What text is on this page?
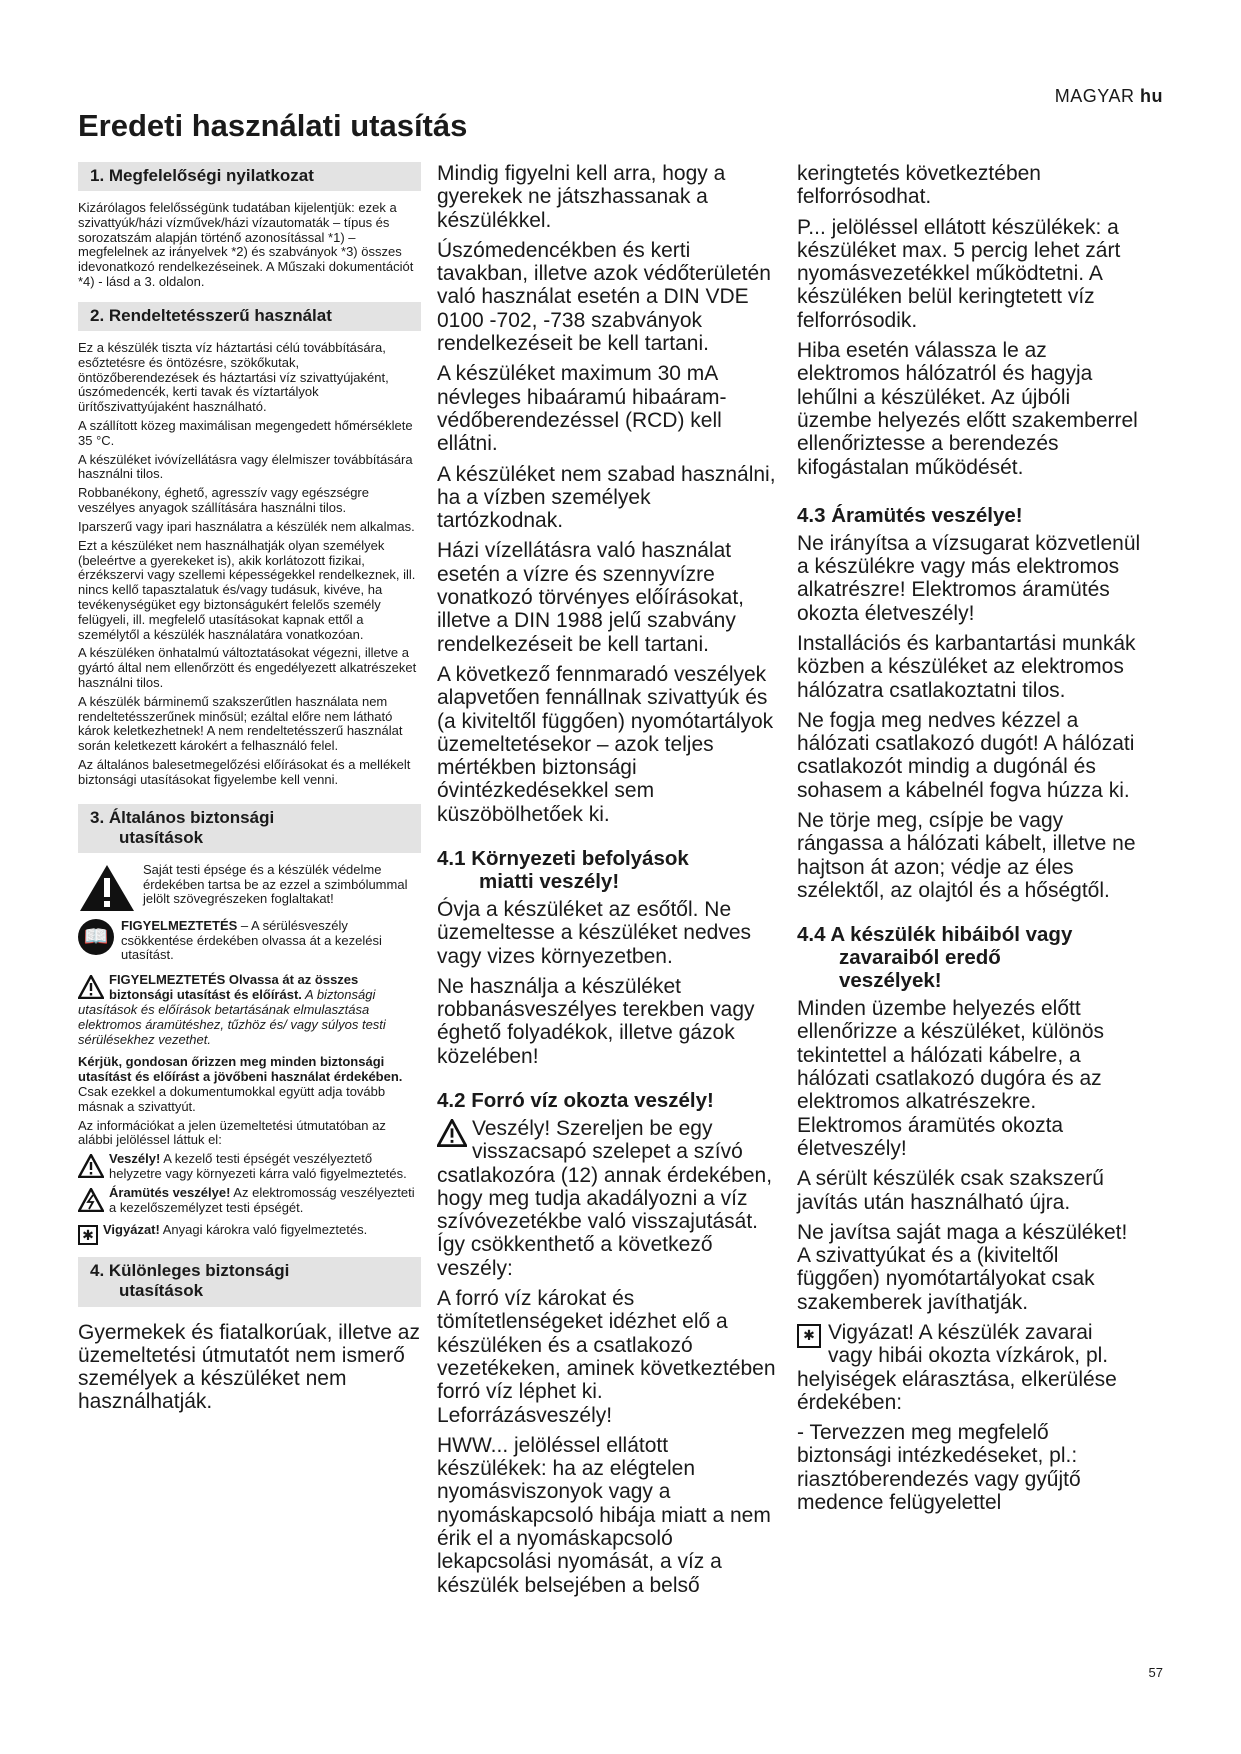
MAGYAR hu
Eredeti használati utasítás
1. Megfelelőségi nyilatkozat

Kizárólagos felelősségünk tudatában kijelentjük: ezek a szivattyúk/házi vízművek/házi vízautomaták – típus és sorozatszám alapján történő azonosítással *1) – megfelelnek az irányelvek *2) és szabványok *3) összes idevonatkozó rendelkezéseinek. A Műszaki dokumentációt *4) - lásd a 3. oldalon.

2. Rendeltetésszerű használat

Ez a készülék tiszta víz háztartási célú továbbítására, esőztetésre és öntözésre, szökőkutak, öntözőberendezések és háztartási víz szivattyújaként, úszómedencék, kerti tavak és víztartályok ürítőszivattyújaként használható.

A szállított közeg maximálisan megengedett hőmérséklete 35 °C.

A készüléket ivóvízellátásra vagy élelmiszer továbbítására használni tilos.

Robbanékony, éghető, agresszív vagy egészségre veszélyes anyagok szállítására használni tilos.

Iparszerű vagy ipari használatra a készülék nem alkalmas.

Ezt a készüléket nem használhatják olyan személyek (beleértve a gyerekeket is), akik korlátozott fizikai, érzékszervi vagy szellemi képességekkel rendelkeznek, ill. nincs kellő tapasztalatuk és/vagy tudásuk, kivéve, ha tevékenységüket egy biztonságukért felelős személy felügyeli, ill. megfelelő utasításokat kapnak ettől a személytől a készülék használatára vonatkozóan.

A készüléken önhatalmú változtatásokat végezni, illetve a gyártó által nem ellenőrzött és engedélyezett alkatrészeket használni tilos.

A készülék bárminemű szakszerűtlen használata nem rendeltetésszerűnek minősül; ezáltal előre nem látható károk keletkezhetnek! A nem rendeltetésszerű használat során keletkezett károkért a felhasználó felel.

Az általános balesetmegelőzési előírásokat és a mellékelt biztonsági utasításokat figyelembe kell venni.

3. Általános biztonsági
utasítások

Saját testi épsége és a készülék védelme érdekében tartsa be az ezzel a szimbólummal jelölt szövegrészeken foglaltakat!

📖

FIGYELMEZTETÉS – A sérülésveszély csökkentése érdekében olvassa át a kezelési utasítást.

FIGYELMEZTETÉS Olvassa át az összes biztonsági utasítást és előírást. A biztonsági utasítások és előírások betartásának elmulasztása elektromos áramütéshez, tűzhöz és/ vagy súlyos testi sérülésekhez vezethet.

Kérjük, gondosan őrizzen meg minden biztonsági utasítást és előírást a jövőbeni használat érdekében.
Csak ezekkel a dokumentumokkal együtt adja tovább másnak a szivattyút.

Az információkat a jelen üzemeltetési útmutatóban az alábbi jelöléssel láttuk el:

Veszély! A kezelő testi épségét veszélyeztető helyzetre vagy környezeti kárra való figyelmeztetés.

Áramütés veszélye! Az elektromosság veszélyezteti a kezelőszemélyzet testi épségét.

✱ Vigyázat! Anyagi károkra való figyelmeztetés.

4. Különleges biztonsági
utasítások

Gyermekek és fiatalkorúak, illetve az üzemeltetési útmutatót nem ismerő személyek a készüléket nem használhatják.

Mindig figyelni kell arra, hogy a gyerekek ne játszhassanak a készülékkel.

Úszómedencékben és kerti tavakban, illetve azok védőterületén való használat esetén a DIN VDE 0100 -702, -738 szabványok rendelkezéseit be kell tartani.

A készüléket maximum 30 mA névleges hibaáramú hibaáram-védőberendezéssel (RCD) kell ellátni.

A készüléket nem szabad használni, ha a vízben személyek tartózkodnak.

Házi vízellátásra való használat esetén a vízre és szennyvízre vonatkozó törvényes előírásokat, illetve a DIN 1988 jelű szabvány rendelkezéseit be kell tartani.

A következő fennmaradó veszélyek alapvetően fennállnak szivattyúk és (a kiviteltől függően) nyomótartályok üzemeltetésekor – azok teljes mértékben biztonsági óvintézkedésekkel sem küszöbölhetőek ki.

4.1 Környezeti befolyások
miatti veszély!

Óvja a készüléket az esőtől. Ne üzemeltesse a készüléket nedves vagy vizes környezetben.

Ne használja a készüléket robbanásveszélyes terekben vagy éghető folyadékok, illetve gázok közelében!

4.2 Forró víz okozta veszély!

Veszély! Szereljen be egy visszacsapó szelepet a szívó csatlakozóra (12) annak érdekében, hogy meg tudja akadályozni a víz szívóvezetékbe való visszajutását. Így csökkenthető a következő veszély:

A forró víz károkat és tömítetlenségeket idézhet elő a készüléken és a csatlakozó vezetékeken, aminek következtében forró víz léphet ki. Leforrázásveszély!

HWW... jelöléssel ellátott készülékek: ha az elégtelen nyomásviszonyok vagy a nyomáskapcsoló hibája miatt a nem érik el a nyomáskapcsoló lekapcsolási nyomását, a víz a készülék belsejében a belső

keringtetés következtében felforrósodhat.

P... jelöléssel ellátott készülékek: a készüléket max. 5 percig lehet zárt nyomásvezetékkel működtetni. A készüléken belül keringtetett víz felforrósodik.

Hiba esetén válassza le az elektromos hálózatról és hagyja lehűlni a készüléket. Az újbóli üzembe helyezés előtt szakemberrel ellenőriztesse a berendezés kifogástalan működését.

4.3 Áramütés veszélye!

Ne irányítsa a vízsugarat közvetlenül a készülékre vagy más elektromos alkatrészre! Elektromos áramütés okozta életveszély!

Installációs és karbantartási munkák közben a készüléket az elektromos hálózatra csatlakoztatni tilos.

Ne fogja meg nedves kézzel a hálózati csatlakozó dugót! A hálózati csatlakozót mindig a dugónál és sohasem a kábelnél fogva húzza ki.

Ne törje meg, csípje be vagy rángassa a hálózati kábelt, illetve ne hajtson át azon; védje az éles szélektől, az olajtól és a hőségtől.

4.4 A készülék hibáiból vagy
zavaraiból eredő
veszélyek!

Minden üzembe helyezés előtt ellenőrizze a készüléket, különös tekintettel a hálózati kábelre, a hálózati csatlakozó dugóra és az elektromos alkatrészekre. Elektromos áramütés okozta életveszély!

A sérült készülék csak szakszerű javítás után használható újra.

Ne javítsa saját maga a készüléket! A szivattyúkat és a (kiviteltől függően) nyomótartályokat csak szakemberek javíthatják.

✱ Vigyázat! A készülék zavarai vagy hibái okozta vízkárok, pl. helyiségek elárasztása, elkerülése érdekében:

- Tervezzen meg megfelelő biztonsági intézkedéseket, pl.: riasztóberendezés vagy gyűjtő medence felügyelettel

57
